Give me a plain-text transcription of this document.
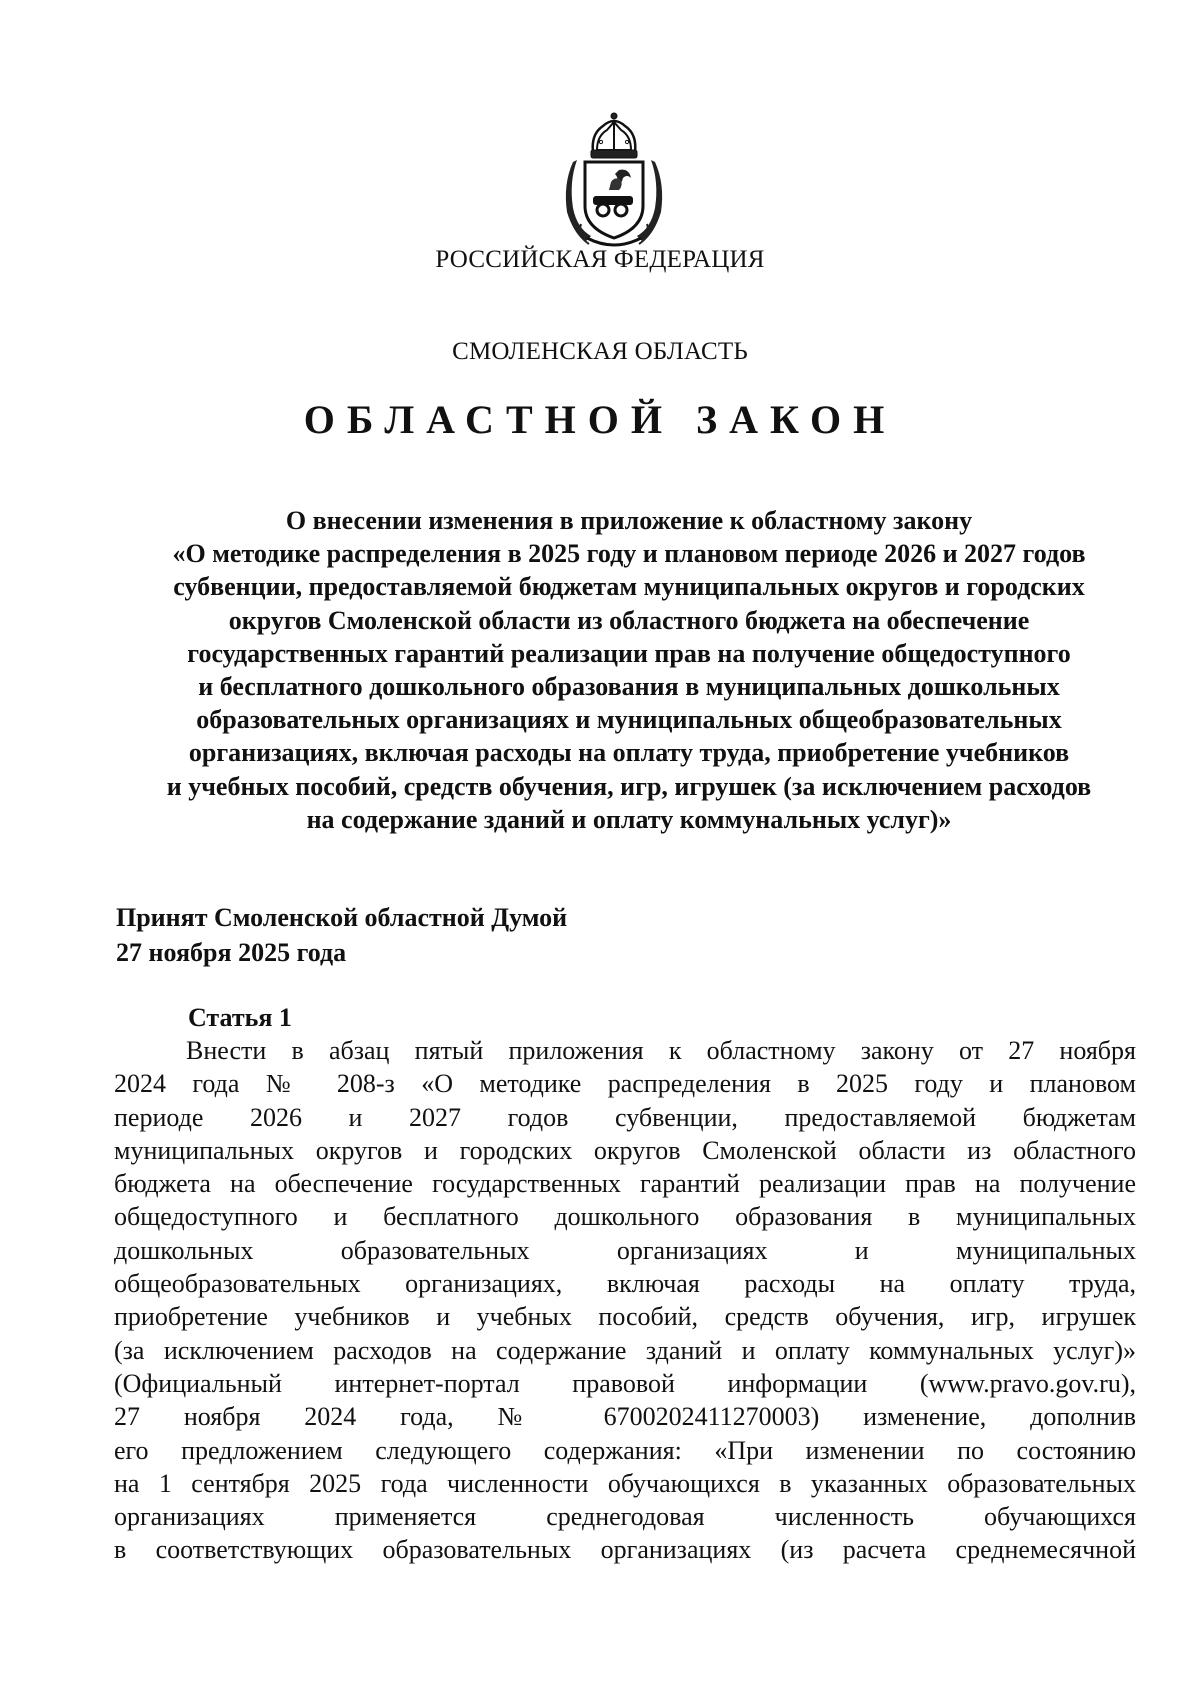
РОССИЙСКАЯ ФЕДЕРАЦИЯ
СМОЛЕНСКАЯ ОБЛАСТЬ
ОБЛАСТНОЙ ЗАКОН
О внесении изменения в приложение к областному закону
«О методике распределения в 2025 году и плановом периоде 2026 и 2027 годов
субвенции, предоставляемой бюджетам муниципальных округов и городских
округов Смоленской области из областного бюджета на обеспечение
государственных гарантий реализации прав на получение общедоступного
и бесплатного дошкольного образования в муниципальных дошкольных
образовательных организациях и муниципальных общеобразовательных
организациях, включая расходы на оплату труда, приобретение учебников
и учебных пособий, средств обучения, игр, игрушек (за исключением расходов
на содержание зданий и оплату коммунальных услуг)»
Принят Смоленской областной Думой
27 ноября 2025 года
Статья 1
Внести в абзац пятый приложения к областному закону от 27 ноября
2024 года № 208-з «О методике распределения в 2025 году и плановом
периоде 2026 и 2027 годов субвенции, предоставляемой бюджетам
муниципальных округов и городских округов Смоленской области из областного
бюджета на обеспечение государственных гарантий реализации прав на получение
общедоступного и бесплатного дошкольного образования в муниципальных
дошкольных образовательных организациях и муниципальных
общеобразовательных организациях, включая расходы на оплату труда,
приобретение учебников и учебных пособий, средств обучения, игр, игрушек
(за исключением расходов на содержание зданий и оплату коммунальных услуг)»
(Официальный интернет-портал правовой информации (www.pravo.gov.ru),
27 ноября 2024 года, № 6700202411270003) изменение, дополнив
его предложением следующего содержания: «При изменении по состоянию
на 1 сентября 2025 года численности обучающихся в указанных образовательных
организациях применяется среднегодовая численность обучающихся
в соответствующих образовательных организациях (из расчета среднемесячной
